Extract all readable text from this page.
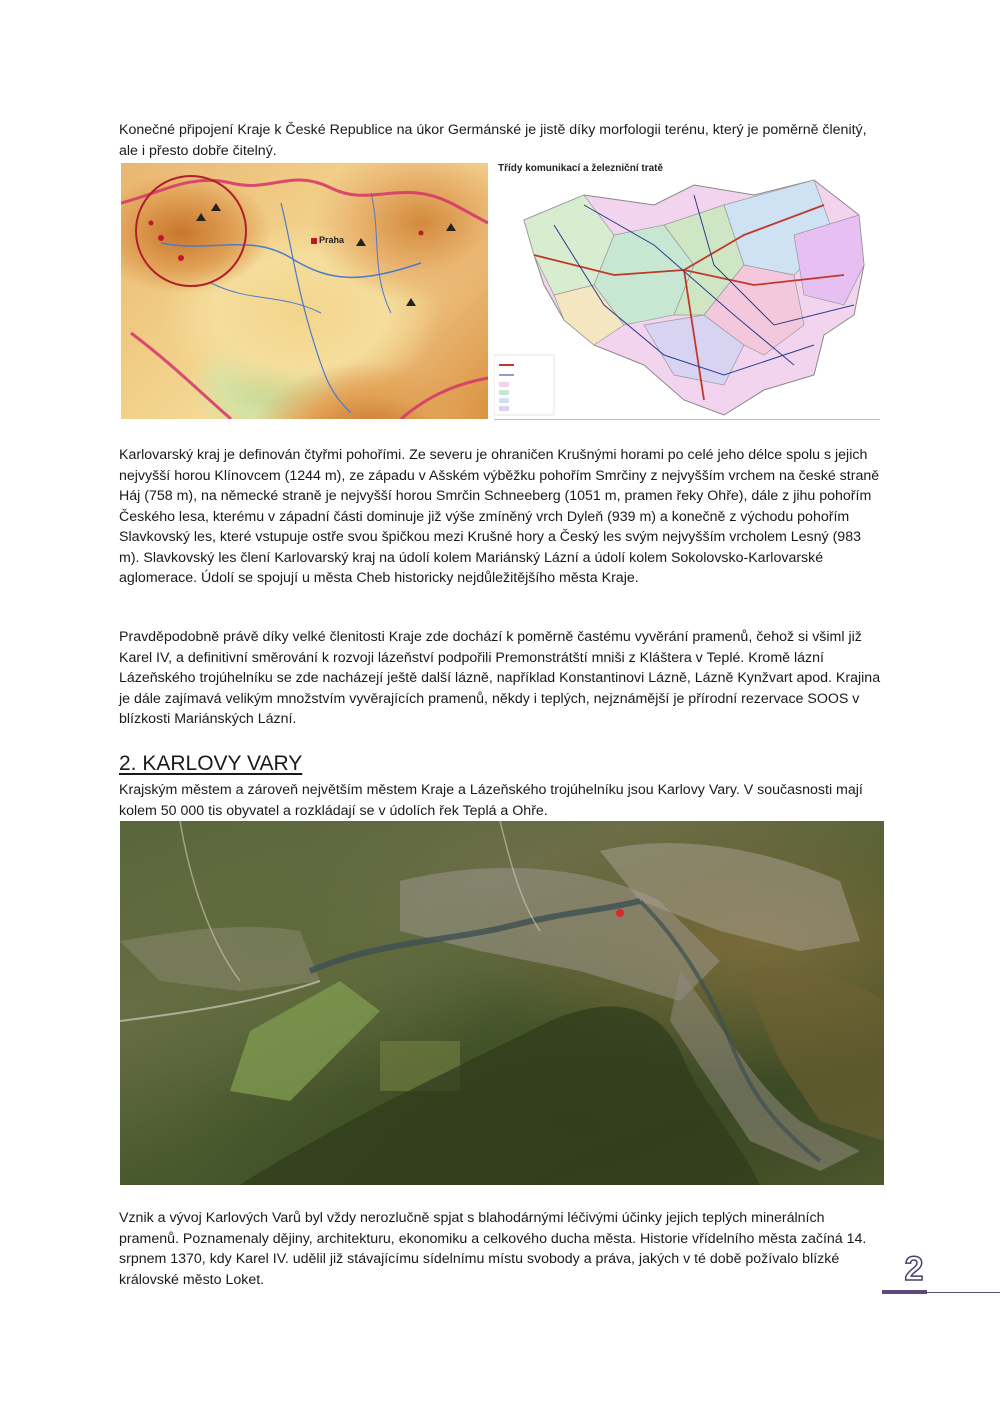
Konečné připojení Kraje k České Republice na úkor Germánské je jistě díky morfologii terénu, který je poměrně členitý, ale i přesto dobře čitelný.

Praha
Třídy komunikací a železniční tratě

Karlovarský kraj je definován čtyřmi pohořími. Ze severu je ohraničen Krušnými horami po celé jeho délce spolu s jejich nejvyšší horou Klínovcem (1244 m), ze západu v Ašském výběžku pohořím Smrčiny z nejvyšším vrchem na české straně Háj (758 m), na německé straně je nejvyšší horou Smrčin Schneeberg (1051 m, pramen řeky Ohře), dále z jihu pohořím Českého lesa, kterému v západní části dominuje již výše zmíněný vrch Dyleň (939 m) a konečně z východu pohořím Slavkovský les, které vstupuje ostře svou špičkou mezi Krušné hory a Český les svým nejvyšším vrcholem Lesný (983 m). Slavkovský les člení Karlovarský kraj na údolí kolem Mariánský Lázní a údolí kolem Sokolovsko-Karlovarské aglomerace. Údolí se spojují u města Cheb historicky nejdůležitějšího města Kraje.

Pravděpodobně právě díky velké členitosti Kraje zde dochází k poměrně častému vyvěrání pramenů, čehož si všiml již Karel IV, a definitivní směrování k rozvoji lázeňství podpořili Premonstrátští mniši z Kláštera v Teplé. Kromě lázní Lázeňského trojúhelníku se zde nacházejí ještě další lázně, například Konstantinovi Lázně, Lázně Kynžvart apod. Krajina je dále zajímavá velikým množstvím vyvěrajících pramenů, někdy i teplých, nejznámější je přírodní rezervace SOOS v blízkosti Mariánských Lázní.

2. KARLOVY VARY

Krajským městem a zároveň největším městem Kraje a Lázeňského trojúhelníku jsou Karlovy Vary. V současnosti mají kolem 50 000 tis obyvatel a rozkládají se v údolích řek Teplá a Ohře.

Vznik a vývoj Karlových Varů byl vždy nerozlučně spjat s blahodárnými léčivými účinky jejich teplých minerálních pramenů. Poznamenaly dějiny, architekturu, ekonomiku a celkového ducha města. Historie vřídelního města začíná 14. srpnem 1370, kdy Karel IV. udělil již stávajícímu sídelnímu místu svobody a práva, jakých v té době požívalo blízké královské město Loket.	2
